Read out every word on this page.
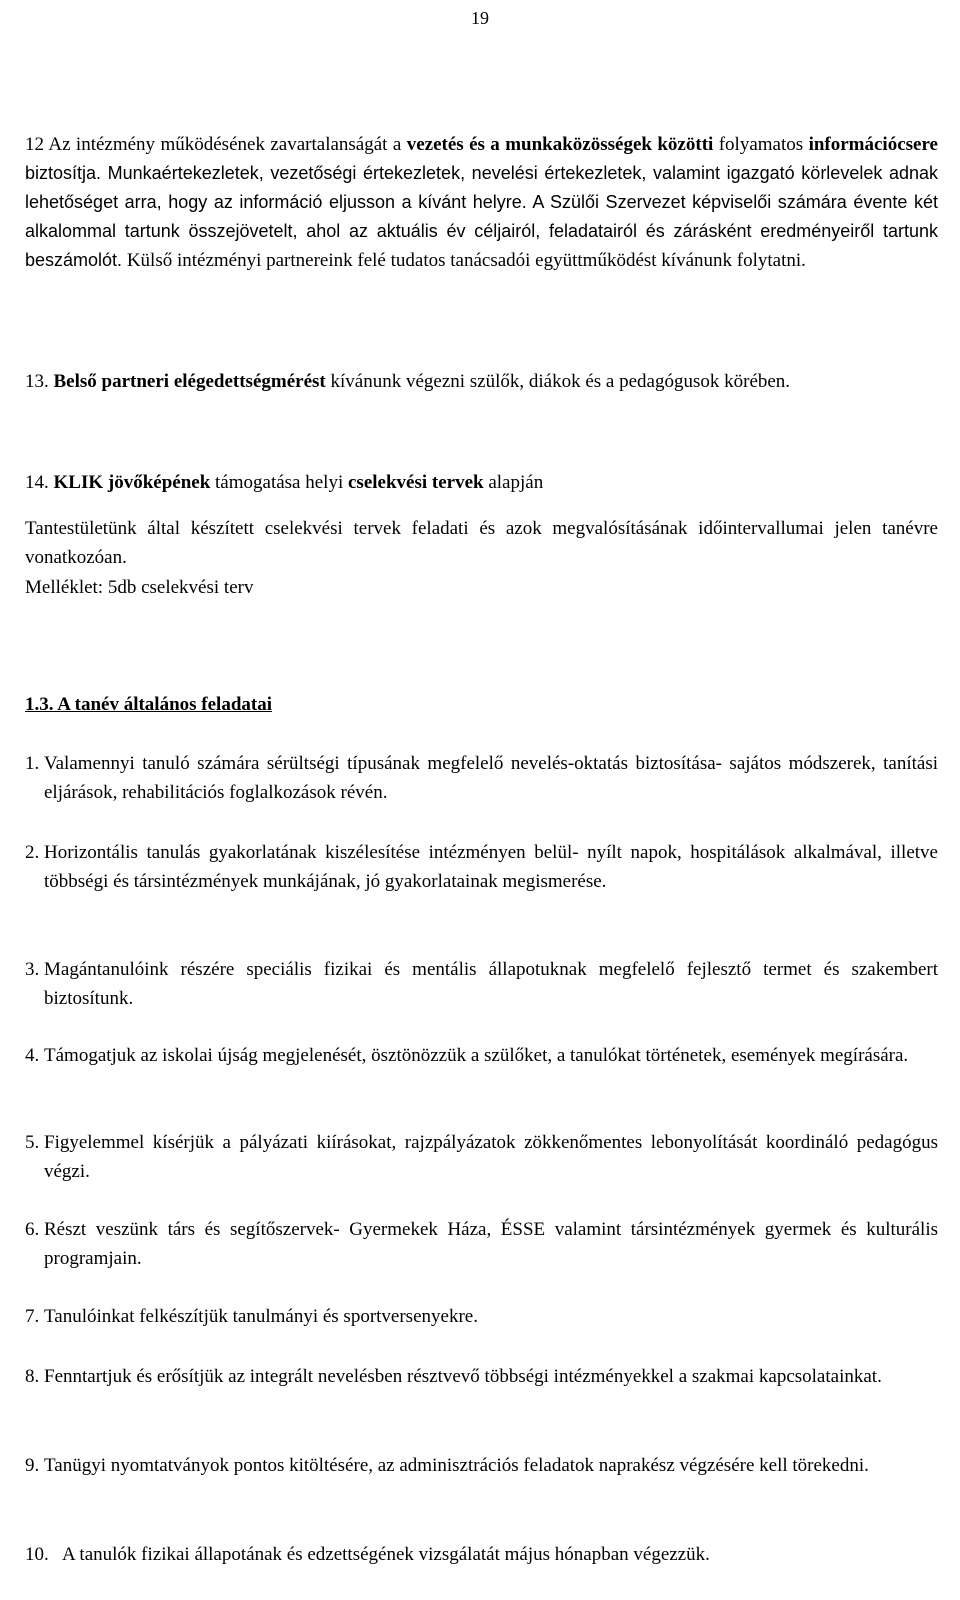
19

12 Az intézmény működésének zavartalanságát a vezetés és a munkaközösségek közötti folyamatos információcsere biztosítja. Munkaértekezletek, vezetőségi értekezletek, nevelési értekezletek, valamint igazgató körlevelek adnak lehetőséget arra, hogy az információ eljusson a kívánt helyre. A Szülői Szervezet képviselői számára évente két alkalommal tartunk összejövetelt, ahol az aktuális év céljairól, feladatairól és zárásként eredményeiről tartunk beszámolót. Külső intézményi partnereink felé tudatos tanácsadói együttműködést kívánunk folytatni.

13. Belső partneri elégedettségmérést kívánunk végezni szülők, diákok és a pedagógusok körében.

14. KLIK jövőképének támogatása helyi cselekvési tervek alapján

Tantestületünk által készített cselekvési tervek feladati és azok megvalósításának időintervallumai jelen tanévre vonatkozóan.
Melléklet: 5db cselekvési terv
1.3. A tanév általános feladatai
1. Valamennyi tanuló számára sérültségi típusának megfelelő nevelés-oktatás biztosítása- sajátos módszerek, tanítási eljárások, rehabilitációs foglalkozások révén.
2. Horizontális tanulás gyakorlatának kiszélesítése intézményen belül- nyílt napok, hospitálások alkalmával, illetve többségi és társintézmények munkájának, jó gyakorlatainak megismerése.
3. Magántanulóink részére speciális fizikai és mentális állapotuknak megfelelő fejlesztő termet és szakembert biztosítunk.
4. Támogatjuk az iskolai újság megjelenését, ösztönözzük a szülőket, a tanulókat történetek, események megírására.
5. Figyelemmel kísérjük a pályázati kiírásokat, rajzpályázatok zökkenőmentes lebonyolítását koordináló pedagógus végzi.
6. Részt veszünk társ és segítőszervek- Gyermekek Háza, ÉSSE valamint társintézmények gyermek és kulturális programjain.
7. Tanulóinkat felkészítjük tanulmányi és sportversenyekre.
8. Fenntartjuk és erősítjük az integrált nevelésben résztvevő többségi intézményekkel a szakmai kapcsolatainkat.
9. Tanügyi nyomtatványok pontos kitöltésére, az adminisztrációs feladatok naprakész végzésére kell törekedni.
10. A tanulók fizikai állapotának és edzettségének vizsgálatát május hónapban végezzük.
